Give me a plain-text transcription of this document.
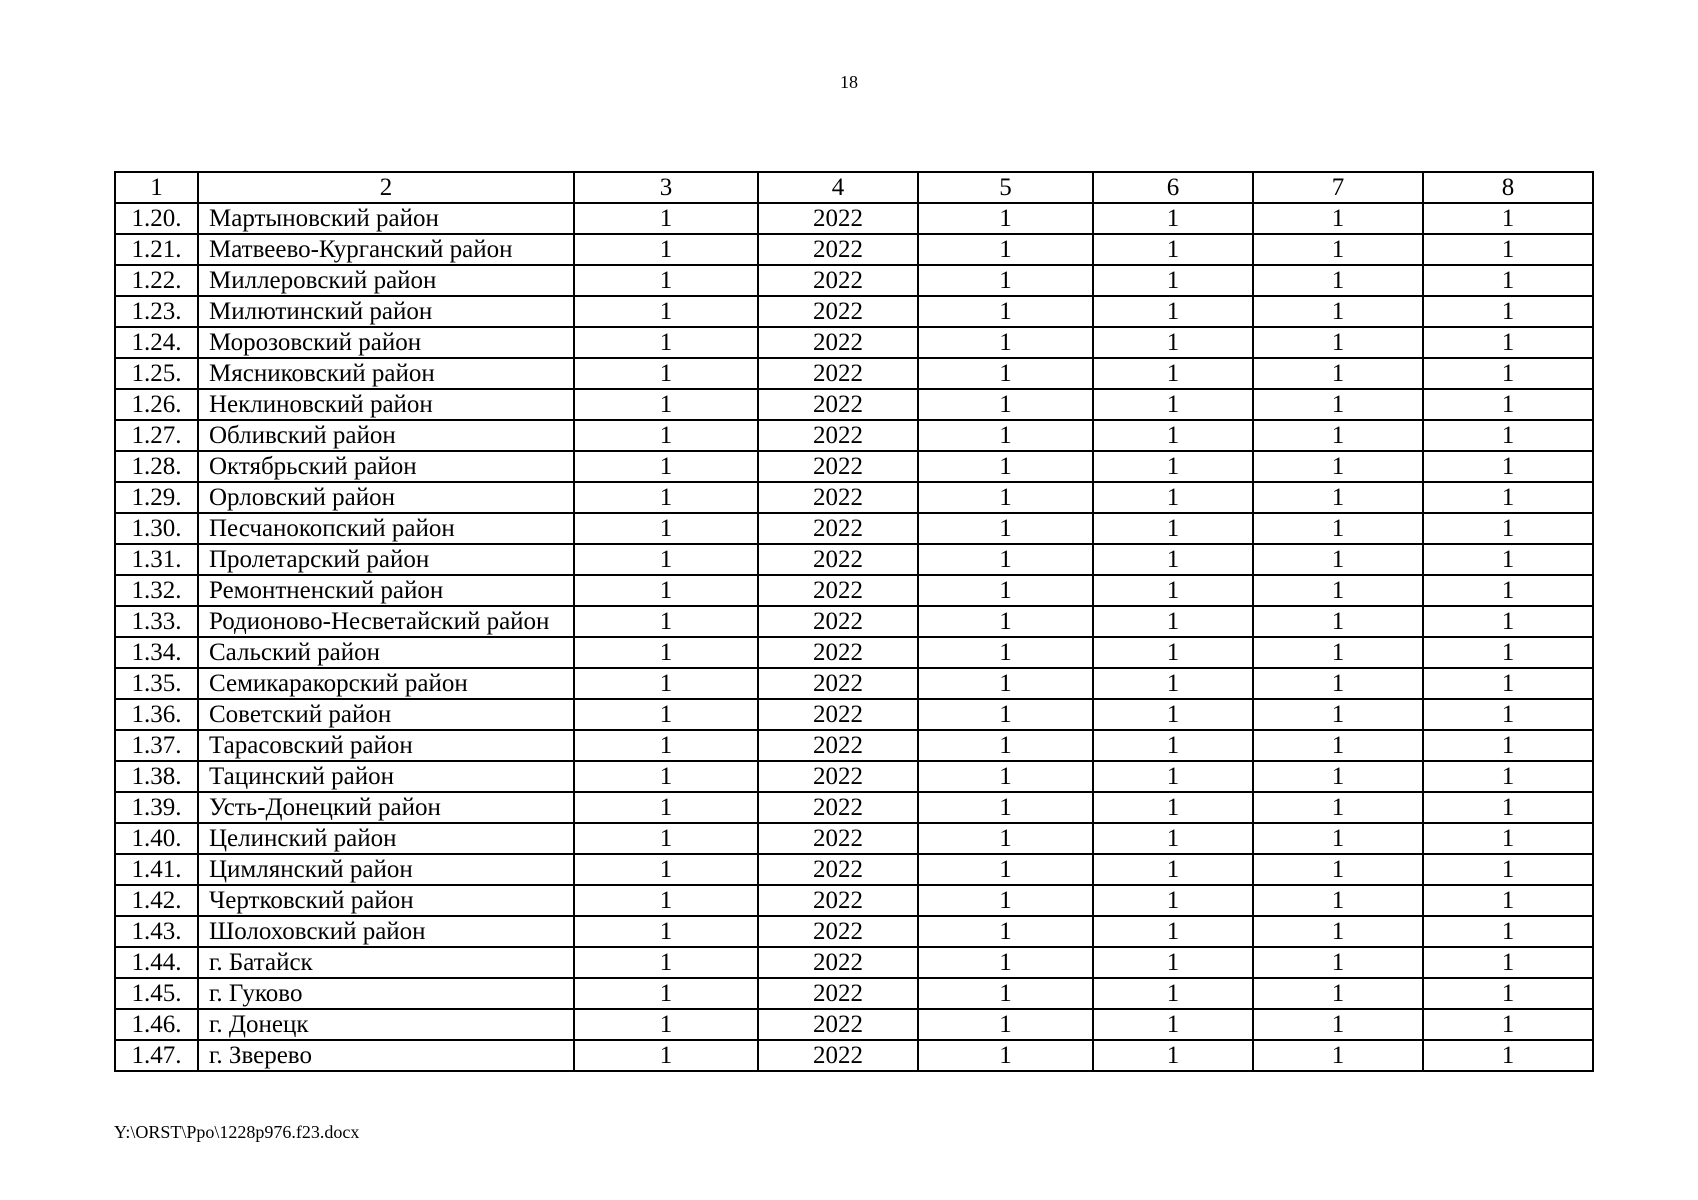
18
1	2	3	4	5	6	7	8
1.20.	Мартыновский район	1	2022	1	1	1	1
1.21.	Матвеево-Курганский район	1	2022	1	1	1	1
1.22.	Миллеровский район	1	2022	1	1	1	1
1.23.	Милютинский район	1	2022	1	1	1	1
1.24.	Морозовский район	1	2022	1	1	1	1
1.25.	Мясниковский район	1	2022	1	1	1	1
1.26.	Неклиновский район	1	2022	1	1	1	1
1.27.	Обливский район	1	2022	1	1	1	1
1.28.	Октябрьский район	1	2022	1	1	1	1
1.29.	Орловский район	1	2022	1	1	1	1
1.30.	Песчанокопский район	1	2022	1	1	1	1
1.31.	Пролетарский район	1	2022	1	1	1	1
1.32.	Ремонтненский район	1	2022	1	1	1	1
1.33.	Родионово-Несветайский район	1	2022	1	1	1	1
1.34.	Сальский район	1	2022	1	1	1	1
1.35.	Семикаракорский район	1	2022	1	1	1	1
1.36.	Советский район	1	2022	1	1	1	1
1.37.	Тарасовский район	1	2022	1	1	1	1
1.38.	Тацинский район	1	2022	1	1	1	1
1.39.	Усть-Донецкий район	1	2022	1	1	1	1
1.40.	Целинский район	1	2022	1	1	1	1
1.41.	Цимлянский район	1	2022	1	1	1	1
1.42.	Чертковский район	1	2022	1	1	1	1
1.43.	Шолоховский район	1	2022	1	1	1	1
1.44.	г. Батайск	1	2022	1	1	1	1
1.45.	г. Гуково	1	2022	1	1	1	1
1.46.	г. Донецк	1	2022	1	1	1	1
1.47.	г. Зверево	1	2022	1	1	1	1
Y:\ORST\Ppo\1228p976.f23.docx
